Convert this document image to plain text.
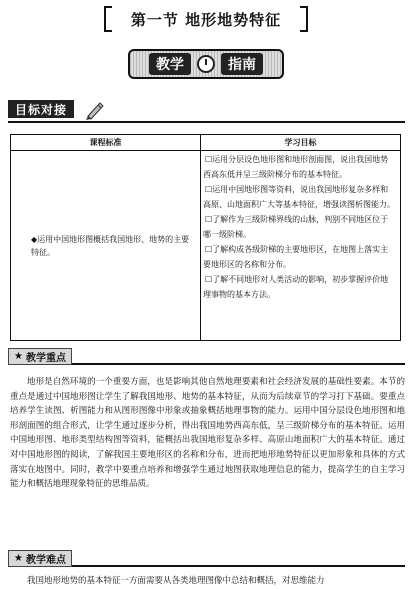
第一节 地形地势特征
教学	指南
目标对接
课程标准	学习目标
◆运用中国地形图概括我国地形、地势的主要特征。
☐运用分层设色地形图和地形剖面图，说出我国地势西高东低并呈三级阶梯分布的基本特征。
☐运用中国地形图等资料，说出我国地形复杂多样和高原、山地面积广大等基本特征，增强读图析图能力。
☐了解作为三级阶梯界线的山脉，判别不同地区位于哪一级阶梯。
☐了解构成各级阶梯的主要地形区，在地图上落实主要地形区的名称和分布。
☐了解不同地形对人类活动的影响，初步掌握评价地理事物的基本方法。
★ 教学重点
地形是自然环境的一个重要方面，也是影响其他自然地理要素和社会经济发展的基础性要素。本节的重点是通过中国地形图让学生了解我国地形、地势的基本特征，从而为后续章节的学习打下基础。要重点培养学生读图、析图能力和从图形图像中形象或抽象概括地理事物的能力。运用中国分层设色地形图和地形剖面图的组合形式，让学生通过逐步分析，得出我国地势西高东低，呈三级阶梯分布的基本特征。运用中国地形图、地形类型结构图等资料，能概括出我国地形复杂多样、高原山地面积广大的基本特征。通过对中国地形图的阅读，了解我国主要地形区的名称和分布，进而把地形地势特征以更加形象和具体的方式落实在地图中。同时，教学中要重点培养和增强学生通过地图获取地理信息的能力，提高学生的自主学习能力和概括地理现象特征的思维品质。
★ 教学难点
我国地形地势的基本特征一方面需要从各类地理图像中总结和概括，对思维能力
